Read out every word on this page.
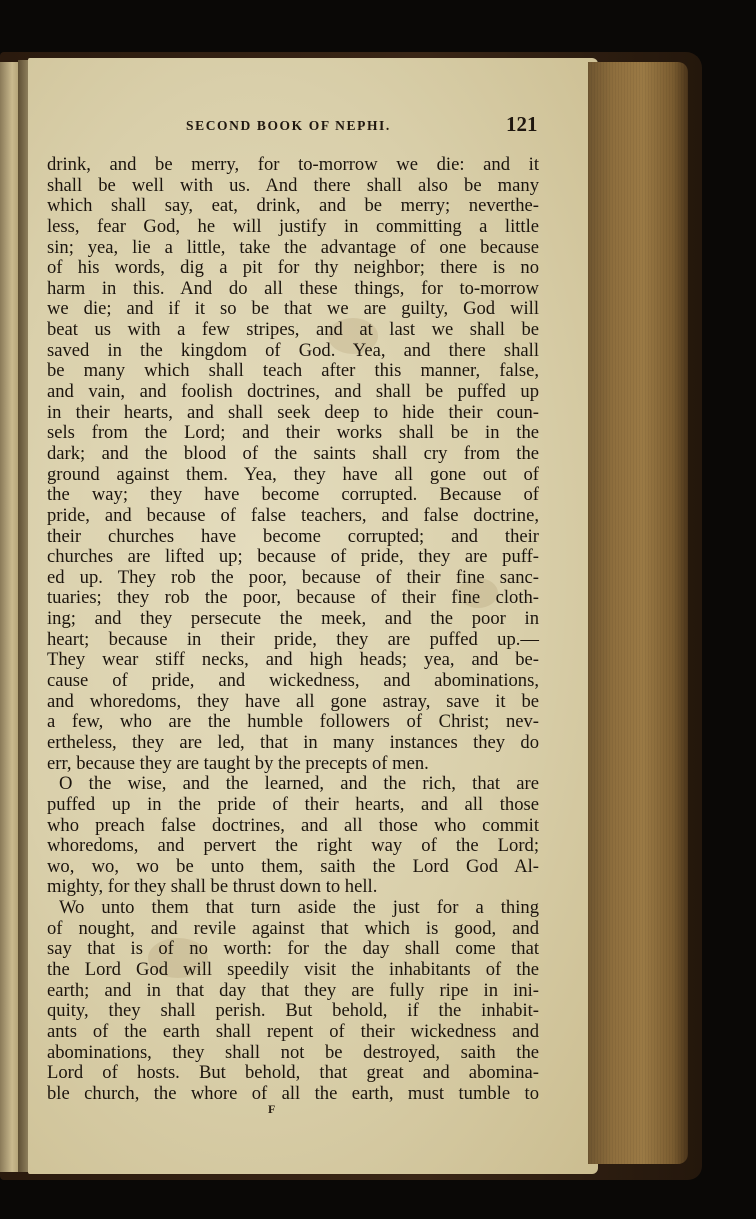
SECOND BOOK OF NEPHI.	121
drink, and be merry, for to-morrow we die: and it
shall be well with us. And there shall also be many
which shall say, eat, drink, and be merry; neverthe-
less, fear God, he will justify in committing a little
sin; yea, lie a little, take the advantage of one because
of his words, dig a pit for thy neighbor; there is no
harm in this. And do all these things, for to-morrow
we die; and if it so be that we are guilty, God will
beat us with a few stripes, and at last we shall be
saved in the kingdom of God. Yea, and there shall
be many which shall teach after this manner, false,
and vain, and foolish doctrines, and shall be puffed up
in their hearts, and shall seek deep to hide their coun-
sels from the Lord; and their works shall be in the
dark; and the blood of the saints shall cry from the
ground against them. Yea, they have all gone out of
the way; they have become corrupted. Because of
pride, and because of false teachers, and false doctrine,
their churches have become corrupted; and their
churches are lifted up; because of pride, they are puff-
ed up. They rob the poor, because of their fine sanc-
tuaries; they rob the poor, because of their fine cloth-
ing; and they persecute the meek, and the poor in
heart; because in their pride, they are puffed up.—
They wear stiff necks, and high heads; yea, and be-
cause of pride, and wickedness, and abominations,
and whoredoms, they have all gone astray, save it be
a few, who are the humble followers of Christ; nev-
ertheless, they are led, that in many instances they do
err, because they are taught by the precepts of men.
O the wise, and the learned, and the rich, that are
puffed up in the pride of their hearts, and all those
who preach false doctrines, and all those who commit
whoredoms, and pervert the right way of the Lord;
wo, wo, wo be unto them, saith the Lord God Al-
mighty, for they shall be thrust down to hell.
Wo unto them that turn aside the just for a thing
of nought, and revile against that which is good, and
say that is of no worth: for the day shall come that
the Lord God will speedily visit the inhabitants of the
earth; and in that day that they are fully ripe in ini-
quity, they shall perish. But behold, if the inhabit-
ants of the earth shall repent of their wickedness and
abominations, they shall not be destroyed, saith the
Lord of hosts. But behold, that great and abomina-
ble church, the whore of all the earth, must tumble to
F
